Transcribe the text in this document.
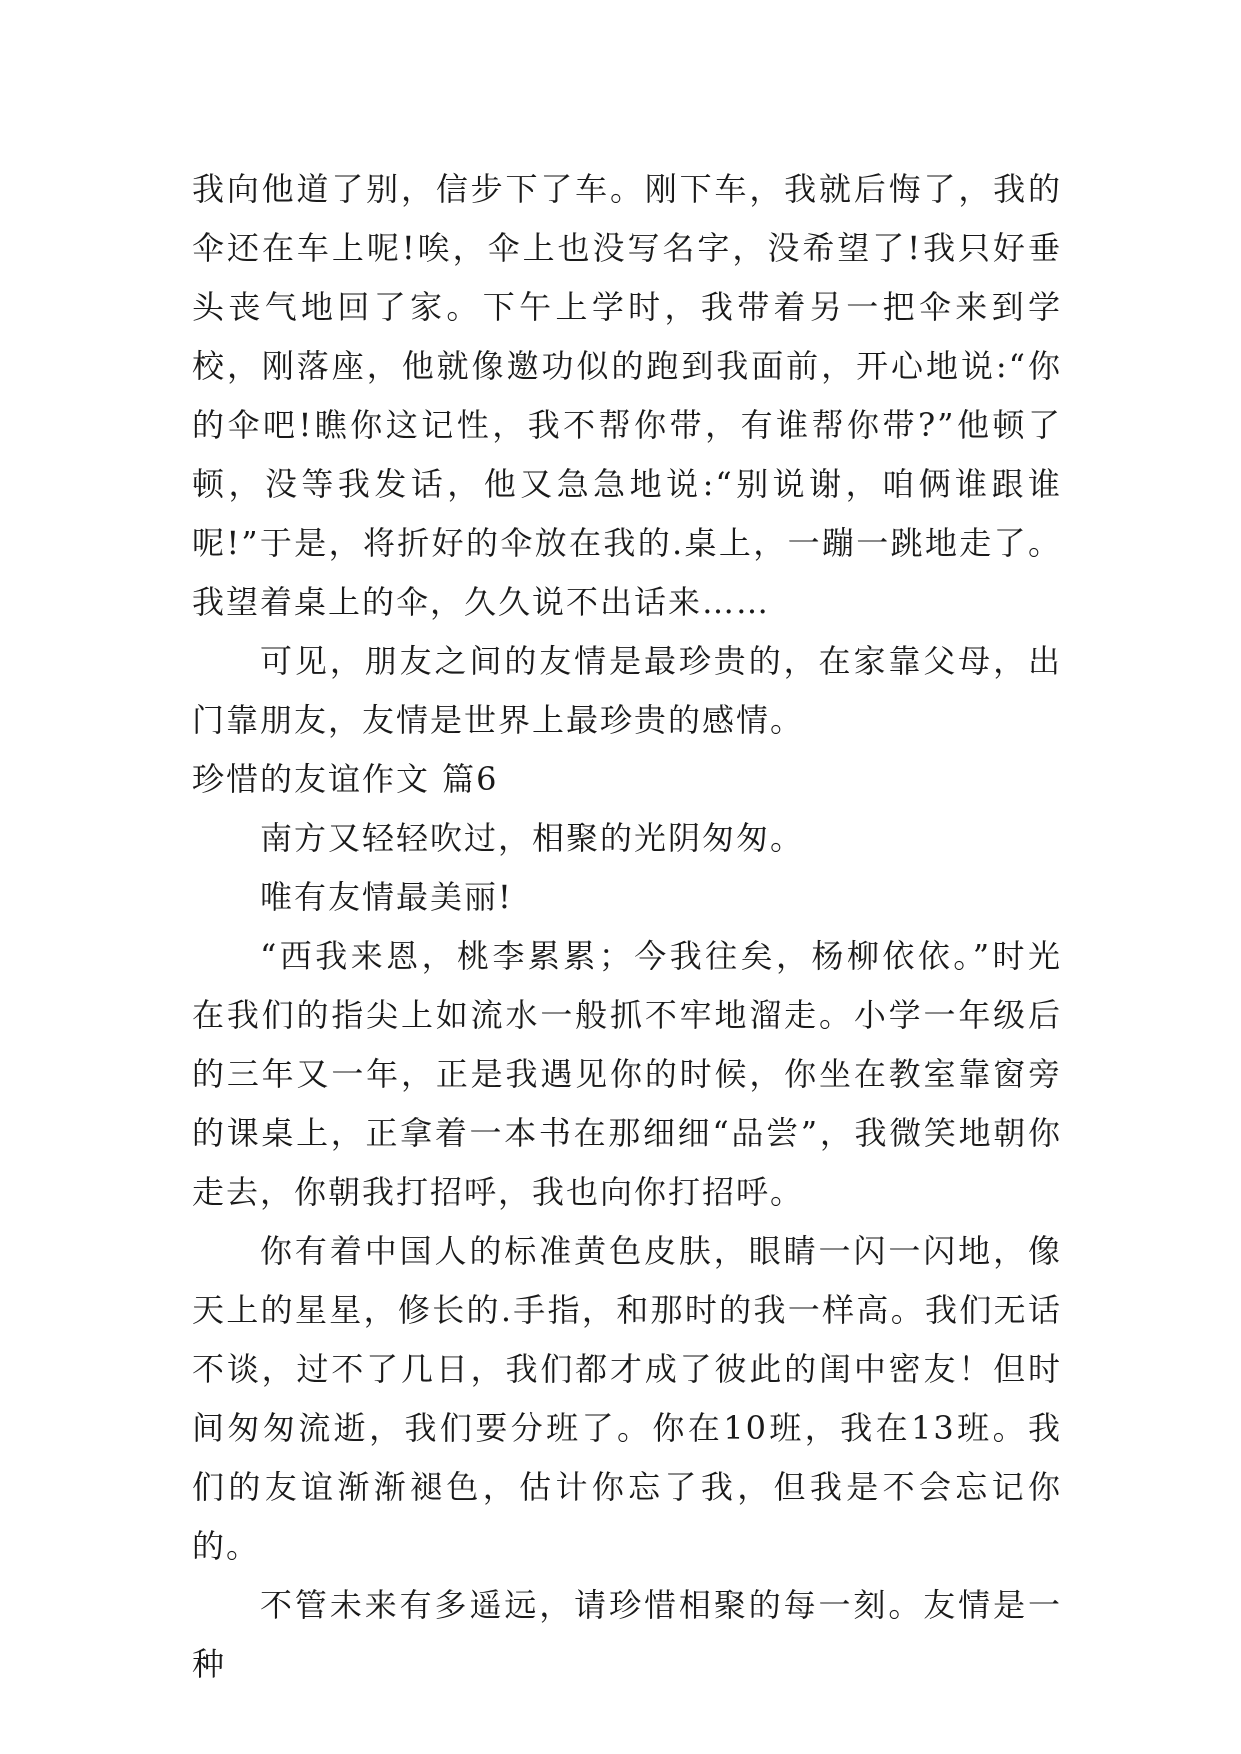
我向他道了别，信步下了车。刚下车，我就后悔了，我的伞还在车上呢!唉，伞上也没写名字，没希望了!我只好垂头丧气地回了家。下午上学时，我带着另一把伞来到学校，刚落座，他就像邀功似的跑到我面前，开心地说:“你的伞吧!瞧你这记性，我不帮你带，有谁帮你带?”他顿了顿，没等我发话，他又急急地说:“别说谢，咱俩谁跟谁呢!”于是，将折好的伞放在我的.桌上，一蹦一跳地走了。我望着桌上的伞，久久说不出话来……

可见，朋友之间的友情是最珍贵的，在家靠父母，出门靠朋友，友情是世界上最珍贵的感情。

珍惜的友谊作文 篇6

南方又轻轻吹过，相聚的光阴匆匆。

唯有友情最美丽!

“西我来恩，桃李累累；今我往矣，杨柳依依。”时光在我们的指尖上如流水一般抓不牢地溜走。小学一年级后的三年又一年，正是我遇见你的时候，你坐在教室靠窗旁的课桌上，正拿着一本书在那细细“品尝”，我微笑地朝你走去，你朝我打招呼，我也向你打招呼。

你有着中国人的标准黄色皮肤，眼睛一闪一闪地，像天上的星星，修长的.手指，和那时的我一样高。我们无话不谈，过不了几日，我们都才成了彼此的闺中密友！但时间匆匆流逝，我们要分班了。你在10班，我在13班。我们的友谊渐渐褪色，估计你忘了我，但我是不会忘记你的。

不管未来有多遥远，请珍惜相聚的每一刻。友情是一种
